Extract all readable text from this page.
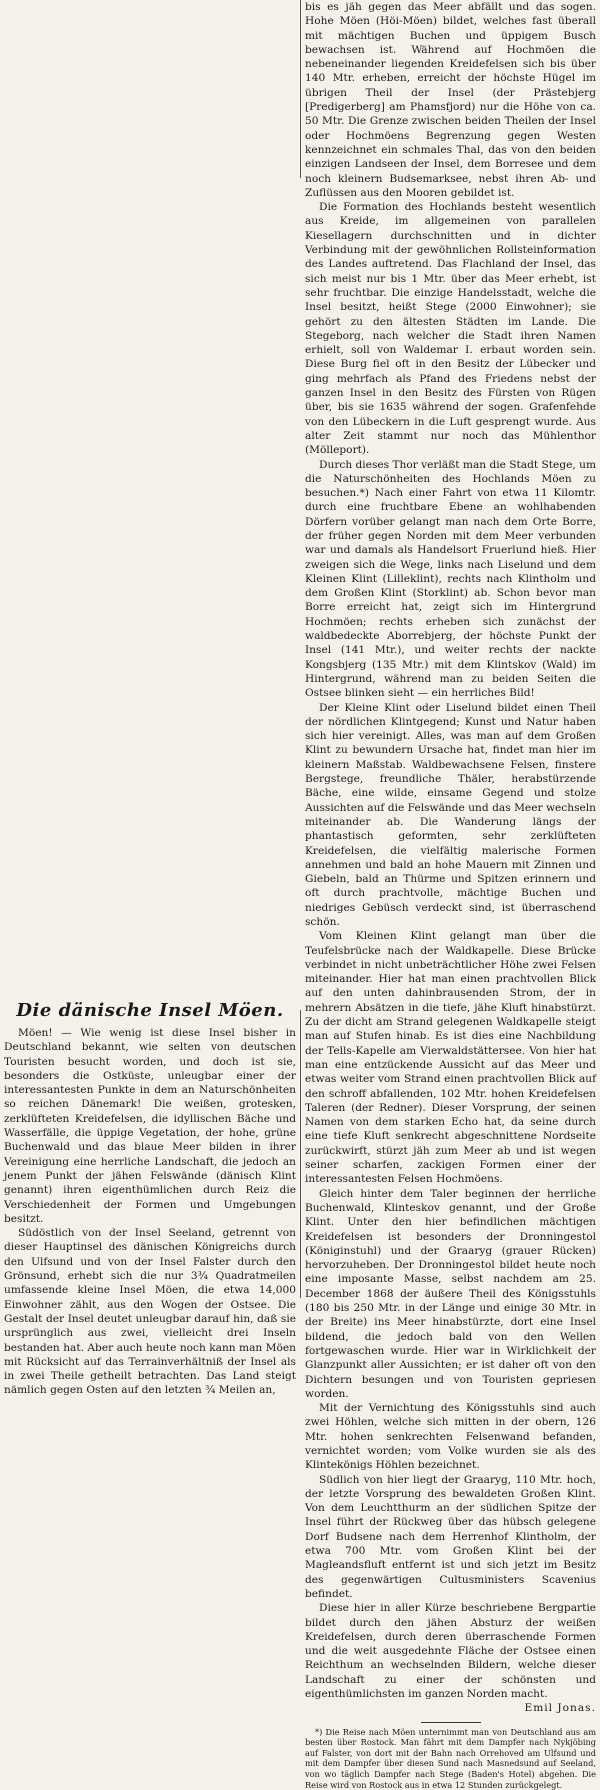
Die dänische Insel Möen.

Möen! — Wie wenig ist diese Insel bisher in Deutschland bekannt, wie selten von deutschen Touristen besucht worden, und doch ist sie, besonders die Ostküste, unleugbar einer der interessantesten Punkte in dem an Naturschönheiten so reichen Dänemark! Die weißen, grotesken, zerklüfteten Kreidefelsen, die idyllischen Bäche und Wasserfälle, die üppige Vegetation, der hohe, grüne Buchenwald und das blaue Meer bilden in ihrer Vereinigung eine herrliche Landschaft, die jedoch an jenem Punkt der jähen Felswände (dänisch Klint genannt) ihren eigenthümlichen durch Reiz die Verschiedenheit der Formen und Umgebungen besitzt.

Südöstlich von der Insel Seeland, getrennt von dieser Hauptinsel des dänischen Königreichs durch den Ulfsund und von der Insel Falster durch den Grönsund, erhebt sich die nur 3¾ Quadratmeilen umfassende kleine Insel Möen, die etwa 14,000 Einwohner zählt, aus den Wogen der Ostsee. Die Gestalt der Insel deutet unleugbar darauf hin, daß sie ursprünglich aus zwei, vielleicht drei Inseln bestanden hat. Aber auch heute noch kann man Möen mit Rücksicht auf das Terrainverhältniß der Insel als in zwei Theile getheilt betrachten. Das Land steigt nämlich gegen Osten auf den letzten ¾ Meilen an,

bis es jäh gegen das Meer abfällt und das sogen. Hohe Möen (Höi-Möen) bildet, welches fast überall mit mächtigen Buchen und üppigem Busch bewachsen ist. Während auf Hochmöen die nebeneinander liegenden Kreidefelsen sich bis über 140 Mtr. erheben, erreicht der höchste Hügel im übrigen Theil der Insel (der Prästebjerg [Predigerberg] am Phamsfjord) nur die Höhe von ca. 50 Mtr. Die Grenze zwischen beiden Theilen der Insel oder Hochmöens Begrenzung gegen Westen kennzeichnet ein schmales Thal, das von den beiden einzigen Landseen der Insel, dem Borresee und dem noch kleinern Budsemarksee, nebst ihren Ab- und Zuflüssen aus den Mooren gebildet ist.

Die Formation des Hochlands besteht wesentlich aus Kreide, im allgemeinen von parallelen Kiesellagern durchschnitten und in dichter Verbindung mit der gewöhnlichen Rollsteinformation des Landes auftretend. Das Flachland der Insel, das sich meist nur bis 1 Mtr. über das Meer erhebt, ist sehr fruchtbar. Die einzige Handelsstadt, welche die Insel besitzt, heißt Stege (2000 Einwohner); sie gehört zu den ältesten Städten im Lande. Die Stegeborg, nach welcher die Stadt ihren Namen erhielt, soll von Waldemar I. erbaut worden sein. Diese Burg fiel oft in den Besitz der Lübecker und ging mehrfach als Pfand des Friedens nebst der ganzen Insel in den Besitz des Fürsten von Rügen über, bis sie 1635 während der sogen. Grafenfehde von den Lübeckern in die Luft gesprengt wurde. Aus alter Zeit stammt nur noch das Mühlenthor (Mölleport).

Durch dieses Thor verläßt man die Stadt Stege, um die Naturschönheiten des Hochlands Möen zu besuchen.*) Nach einer Fahrt von etwa 11 Kilomtr. durch eine fruchtbare Ebene an wohlhabenden Dörfern vorüber gelangt man nach dem Orte Borre, der früher gegen Norden mit dem Meer verbunden war und damals als Handelsort Fruerlund hieß. Hier zweigen sich die Wege, links nach Liselund und dem Kleinen Klint (Lilleklint), rechts nach Klintholm und dem Großen Klint (Storklint) ab. Schon bevor man Borre erreicht hat, zeigt sich im Hintergrund Hochmöen; rechts erheben sich zunächst der waldbedeckte Aborrebjerg, der höchste Punkt der Insel (141 Mtr.), und weiter rechts der nackte Kongsbjerg (135 Mtr.) mit dem Klintskov (Wald) im Hintergrund, während man zu beiden Seiten die Ostsee blinken sieht — ein herrliches Bild!

Der Kleine Klint oder Liselund bildet einen Theil der nördlichen Klintgegend; Kunst und Natur haben sich hier vereinigt. Alles, was man auf dem Großen Klint zu bewundern Ursache hat, findet man hier im kleinern Maßstab. Waldbewachsene Felsen, finstere Bergstege, freundliche Thäler, herabstürzende Bäche, eine wilde, einsame Gegend und stolze Aussichten auf die Felswände und das Meer wechseln miteinander ab. Die Wanderung längs der phantastisch geformten, sehr zerklüfteten Kreidefelsen, die vielfältig malerische Formen annehmen und bald an hohe Mauern mit Zinnen und Giebeln, bald an Thürme und Spitzen erinnern und oft durch prachtvolle, mächtige Buchen und niedriges Gebüsch verdeckt sind, ist überraschend schön.

Vom Kleinen Klint gelangt man über die Teufelsbrücke nach der Waldkapelle. Diese Brücke verbindet in nicht unbeträchtlicher Höhe zwei Felsen miteinander. Hier hat man einen prachtvollen Blick auf den unten dahinbrausenden Strom, der in mehrern Absätzen in die tiefe, jähe Kluft hinabstürzt. Zu der dicht am Strand gelegenen Waldkapelle steigt man auf Stufen hinab. Es ist dies eine Nachbildung der Tells-Kapelle am Vierwaldstättersee. Von hier hat man eine entzückende Aussicht auf das Meer und etwas weiter vom Strand einen prachtvollen Blick auf den schroff abfallenden, 102 Mtr. hohen Kreidefelsen Taleren (der Redner). Dieser Vorsprung, der seinen Namen von dem starken Echo hat, da seine durch eine tiefe Kluft senkrecht abgeschnittene Nordseite zurückwirft, stürzt jäh zum Meer ab und ist wegen seiner scharfen, zackigen Formen einer der interessantesten Felsen Hochmöens.

Gleich hinter dem Taler beginnen der herrliche Buchenwald, Klinteskov genannt, und der Große Klint. Unter den hier befindlichen mächtigen Kreidefelsen ist besonders der Dronningestol (Königinstuhl) und der Graaryg (grauer Rücken) hervorzuheben. Der Dronningestol bildet heute noch eine imposante Masse, selbst nachdem am 25. December 1868 der äußere Theil des Königsstuhls (180 bis 250 Mtr. in der Länge und einige 30 Mtr. in der Breite) ins Meer hinabstürzte, dort eine Insel bildend, die jedoch bald von den Wellen fortgewaschen wurde. Hier war in Wirklichkeit der Glanzpunkt aller Aussichten; er ist daher oft von den Dichtern besungen und von Touristen gepriesen worden.

Mit der Vernichtung des Königsstuhls sind auch zwei Höhlen, welche sich mitten in der obern, 126 Mtr. hohen senkrechten Felsenwand befanden, vernichtet worden; vom Volke wurden sie als des Klintekönigs Höhlen bezeichnet.

Südlich von hier liegt der Graaryg, 110 Mtr. hoch, der letzte Vorsprung des bewaldeten Großen Klint. Von dem Leuchtthurm an der südlichen Spitze der Insel führt der Rückweg über das hübsch gelegene Dorf Budsene nach dem Herrenhof Klintholm, der etwa 700 Mtr. vom Großen Klint bei der Magleandsfluft entfernt ist und sich jetzt im Besitz des gegenwärtigen Cultusministers Scavenius befindet.

Diese hier in aller Kürze beschriebene Bergpartie bildet durch den jähen Absturz der weißen Kreidefelsen, durch deren überraschende Formen und die weit ausgedehnte Fläche der Ostsee einen Reichthum an wechselnden Bildern, welche dieser Landschaft zu einer der schönsten und eigenthümlichsten im ganzen Norden macht.

Emil Jonas.

*) Die Reise nach Möen unternimmt man von Deutschland aus am besten über Rostock. Man fährt mit dem Dampfer nach Nykjöbing auf Falster, von dort mit der Bahn nach Orrehoved am Ulfsund und mit dem Dampfer über diesen Sund nach Masnedsund auf Seeland, von wo täglich Dampfer nach Stege (Baden's Hotel) abgehen. Die Reise wird von Rostock aus in etwa 12 Stunden zurückgelegt.
